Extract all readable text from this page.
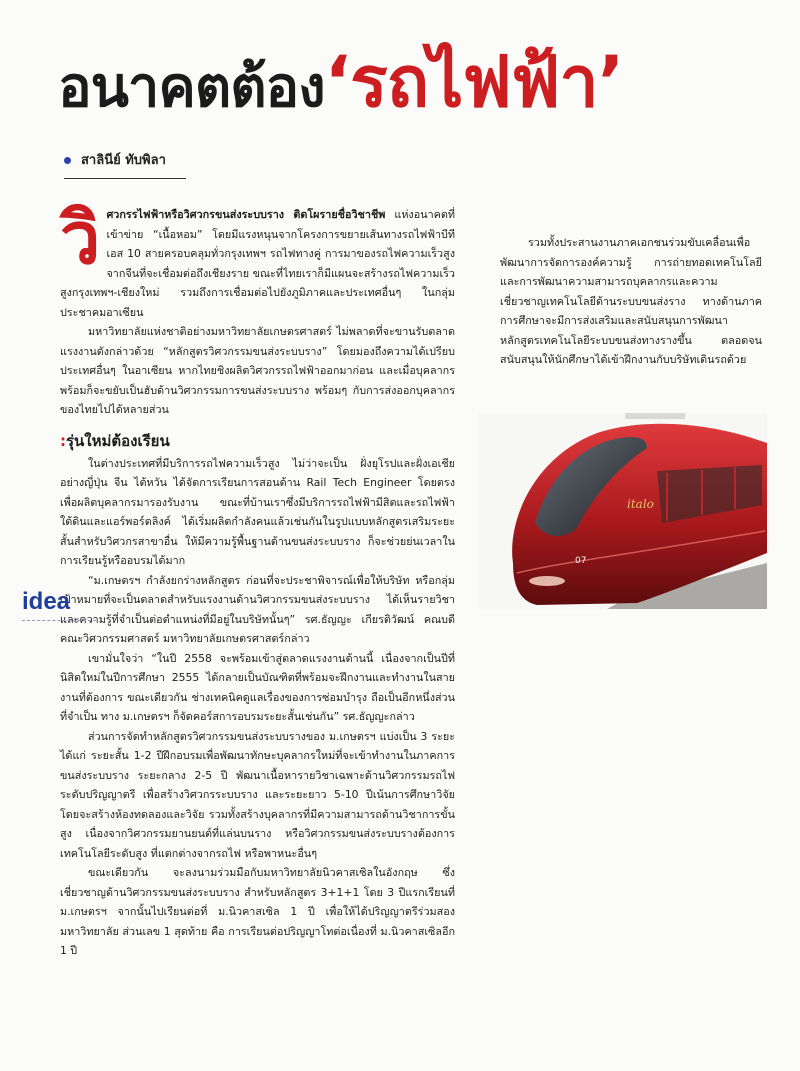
อนาคตต้อง‘รถไฟฟ้า’
สาลินีย์ ทับพิลา
วิ ศวกรรไฟฟ้าหรือวิศวกรขนส่งระบบราง ติดโผรายชื่อวิชาชีพ แห่งอนาคตที่เข้าข่าย “เนื้อหอม” โดยมีแรงหนุนจากโครงการขยายเส้นทางรถไฟฟ้าบีทีเอส 10 สายครอบคลุมทั่วกรุงเทพฯ รถไฟทางคู่ การมาของรถไฟความเร็วสูงจากจีนที่จะเชื่อมต่อถึงเชียงราย ขณะที่ไทยเราก็มีแผนจะสร้างรถไฟความเร็วสูงกรุงเทพฯ-เชียงใหม่ รวมถึงการเชื่อมต่อไปยังภูมิภาคและประเทศอื่นๆ ในกลุ่มประชาคมอาเซียน

มหาวิทยาลัยแห่งชาติอย่างมหาวิทยาลัยเกษตรศาสตร์ ไม่พลาดที่จะขานรับตลาดแรงงานดังกล่าวด้วย “หลักสูตรวิศวกรรมขนส่งระบบราง” โดยมองถึงความได้เปรียบประเทศอื่นๆ ในอาเซียน หากไทยชิงผลิตวิศวกรรถไฟฟ้าออกมาก่อน และเมื่อบุคลากรพร้อมก็จะขยับเป็นฮับด้านวิศวกรรมการขนส่งระบบราง พร้อมๆ กับการส่งออกบุคลากรของไทยไปได้หลายส่วน

:รุ่นใหม่ต้องเรียน

ในต่างประเทศที่มีบริการรถไฟความเร็วสูง ไม่ว่าจะเป็น ฝั่งยุโรปและฝั่งเอเชียอย่างญี่ปุ่น จีน ไต้หวัน ได้จัดการเรียนการสอนด้าน Rail Tech Engineer โดยตรง เพื่อผลิตบุคลากรมารองรับงาน ขณะที่บ้านเราซึ่งมีบริการรถไฟฟ้ามีสิตและรถไฟฟ้าใต้ดินและแอร์พอร์ตลิงค์ ได้เริ่มผลิตกำลังคนแล้วเช่นกันในรูปแบบหลักสูตรเสริมระยะสั้นสำหรับวิศวกรสาขาอื่น ให้มีความรู้พื้นฐานด้านขนส่งระบบราง ก็จะช่วยย่นเวลาในการเรียนรู้หรืออบรมได้มาก

“ม.เกษตรฯ กำลังยกร่างหลักสูตร ก่อนที่จะประชาพิจารณ์เพื่อให้บริษัท หรือกลุ่มเป้าหมายที่จะเป็นตลาดสำหรับแรงงานด้านวิศวกรรมขนส่งระบบราง ได้เห็นรายวิชาและความรู้ที่จำเป็นต่อตำแหน่งที่มีอยู่ในบริษัทนั้นๆ” รศ.ธัญญะ เกียรติวัฒน์ คณบดีคณะวิศวกรรมศาสตร์ มหาวิทยาลัยเกษตรศาสตร์กล่าว

เขามั่นใจว่า “ในปี 2558 จะพร้อมเข้าสู่ตลาดแรงงานด้านนี้ เนื่องจากเป็นปีที่นิสิตใหม่ในปีการศึกษา 2555 ได้กลายเป็นบัณฑิตที่พร้อมจะฝึกงานและทำงานในสายงานที่ต้องการ ขณะเดียวกัน ช่างเทคนิคดูแลเรื่องของการซ่อมบำรุง ถือเป็นอีกหนึ่งส่วนที่จำเป็น ทาง ม.เกษตรฯ ก็จัดคอร์สการอบรมระยะสั้นเช่นกัน” รศ.ธัญญะกล่าว

ส่วนการจัดทำหลักสูตรวิศวกรรมขนส่งระบบรางของ ม.เกษตรฯ แบ่งเป็น 3 ระยะ ได้แก่ ระยะสั้น 1-2 ปีฝึกอบรมเพื่อพัฒนาทักษะบุคลากรใหม่ที่จะเข้าทำงานในภาคการขนส่งระบบราง ระยะกลาง 2-5 ปี พัฒนาเนื้อหารายวิชาเฉพาะด้านวิศวกรรมรถไฟระดับปริญญาตรี เพื่อสร้างวิศวกรระบบราง และระยะยาว 5-10 ปีเน้นการศึกษาวิจัย โดยจะสร้างห้องทดลองและวิจัย รวมทั้งสร้างบุคลากรที่มีความสามารถด้านวิชาการขั้นสูง เนื่องจากวิศวกรรมยานยนต์ที่แล่นบนราง หรือวิศวกรรมขนส่งระบบรางต้องการเทคโนโลยีระดับสูง ที่แตกต่างจากรถไฟ หรือพาหนะอื่นๆ

ขณะเดียวกัน จะลงนามร่วมมือกับมหาวิทยาลัยนิวคาสเซิลในอังกฤษ ซึ่งเชี่ยวชาญด้านวิศวกรรมขนส่งระบบราง สำหรับหลักสูตร 3+1+1 โดย 3 ปีแรกเรียนที่ ม.เกษตรฯ จากนั้นไปเรียนต่อที่ ม.นิวคาสเซิล 1 ปี เพื่อให้ได้ปริญญาตรีร่วมสองมหาวิทยาลัย ส่วนเลข 1 สุดท้าย คือ การเรียนต่อปริญญาโทต่อเนื่องที่ ม.นิวคาสเซิลอีก 1 ปี

idea

รวมทั้งประสานงานภาคเอกชนร่วมขับเคลื่อนเพื่อพัฒนาการจัดการองค์ความรู้ การถ่ายทอดเทคโนโลยีและการพัฒนาความสามารถบุคลากรและความเชี่ยวชาญเทคโนโลยีด้านระบบขนส่งราง ทางด้านภาคการศึกษาจะมีการส่งเสริมและสนับสนุนการพัฒนาหลักสูตรเทคโนโลยีระบบขนส่งทางรางขึ้น ตลอดจนสนับสนุนให้นักศึกษาได้เข้าฝึกงานกับบริษัทเดินรถด้วย

07
italo
